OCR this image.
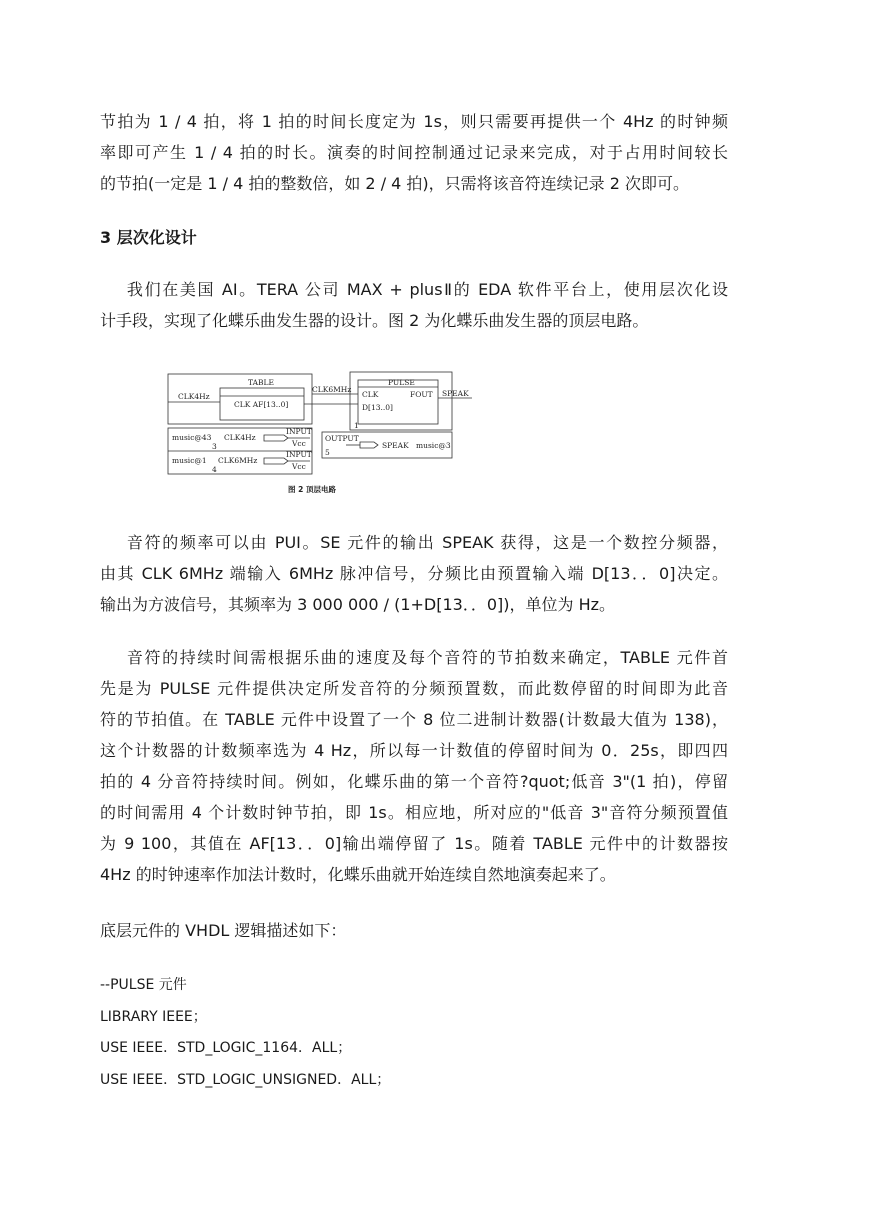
节拍为 1 / 4 拍，将 1 拍的时间长度定为 1s，则只需要再提供一个 4Hz 的时钟频
率即可产生 1 / 4 拍的时长。演奏的时间控制通过记录来完成，对于占用时间较长
的节拍(一定是 1 / 4 拍的整数倍，如 2 / 4 拍)，只需将该音符连续记录 2 次即可。

3 层次化设计

我们在美国 AI。TERA 公司 MAX + plusⅡ的 EDA 软件平台上，使用层次化设
计手段，实现了化蝶乐曲发生器的设计。图 2 为化蝶乐曲发生器的顶层电路。

TABLE
CLK AF[13..0]
CLK4Hz
CLK6MHz
PULSE
CLK	FOUT
D[13..0]
1
SPEAK
music@43 CLK4Hz
3
INPUT
Vcc
music@1 CLK6MHz
4
INPUT
Vcc
OUTPUT
5
SPEAK music@3
图 2 顶层电路

音符的频率可以由 PUI。SE 元件的输出 SPEAK 获得，这是一个数控分频器，
由其 CLK 6MHz 端输入 6MHz 脉冲信号，分频比由预置输入端 D[13．．0]决定。
输出为方波信号，其频率为 3 000 000 / (1+D[13．．0])，单位为 Hz。

音符的持续时间需根据乐曲的速度及每个音符的节拍数来确定，TABLE 元件首
先是为 PULSE 元件提供决定所发音符的分频预置数，而此数停留的时间即为此音
符的节拍值。在 TABLE 元件中设置了一个 8 位二进制计数器(计数最大值为 138)，
这个计数器的计数频率选为 4 Hz，所以每一计数值的停留时间为 0．25s，即四四
拍的 4 分音符持续时间。例如，化蝶乐曲的第一个音符?quot;低音 3"(1 拍)，停留
的时间需用 4 个计数时钟节拍，即 1s。相应地，所对应的"低音 3"音符分频预置值
为 9 100，其值在 AF[13．．0]输出端停留了 1s。随着 TABLE 元件中的计数器按
4Hz 的时钟速率作加法计数时，化蝶乐曲就开始连续自然地演奏起来了。

底层元件的 VHDL 逻辑描述如下：

--PULSE 元件
LIBRARY IEEE；
USE IEEE．STD_LOGIC_1164．ALL；
USE IEEE．STD_LOGIC_UNSIGNED．ALL；
